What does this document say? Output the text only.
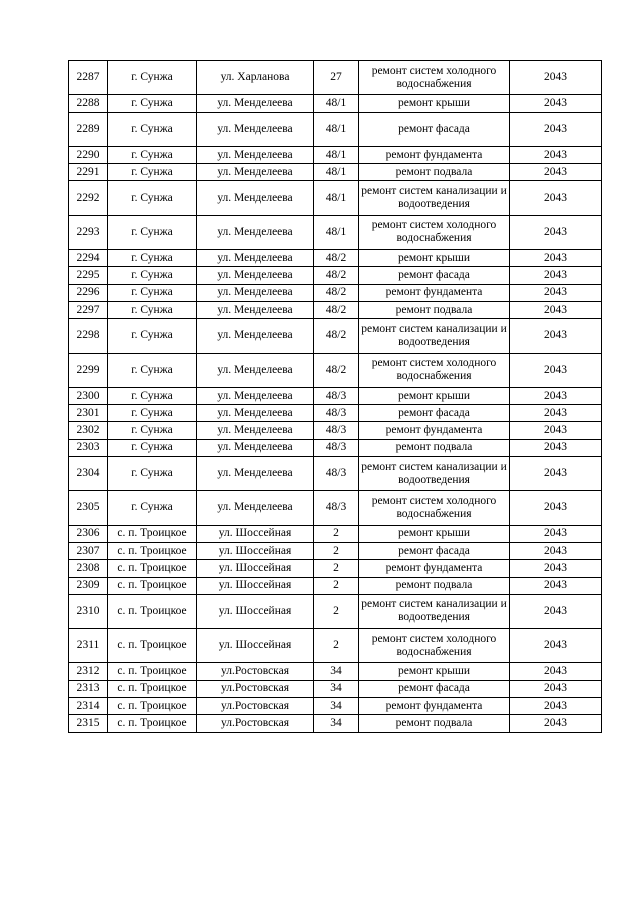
2287	г. Сунжа	ул. Харланова	27	ремонт систем холодного водоснабжения	2043
2288	г. Сунжа	ул. Менделеева	48/1	ремонт крыши	2043
2289	г. Сунжа	ул. Менделеева	48/1	ремонт фасада	2043
2290	г. Сунжа	ул. Менделеева	48/1	ремонт фундамента	2043
2291	г. Сунжа	ул. Менделеева	48/1	ремонт подвала	2043
2292	г. Сунжа	ул. Менделеева	48/1	ремонт систем канализации и водоотведения	2043
2293	г. Сунжа	ул. Менделеева	48/1	ремонт систем холодного водоснабжения	2043
2294	г. Сунжа	ул. Менделеева	48/2	ремонт крыши	2043
2295	г. Сунжа	ул. Менделеева	48/2	ремонт фасада	2043
2296	г. Сунжа	ул. Менделеева	48/2	ремонт фундамента	2043
2297	г. Сунжа	ул. Менделеева	48/2	ремонт подвала	2043
2298	г. Сунжа	ул. Менделеева	48/2	ремонт систем канализации и водоотведения	2043
2299	г. Сунжа	ул. Менделеева	48/2	ремонт систем холодного водоснабжения	2043
2300	г. Сунжа	ул. Менделеева	48/3	ремонт крыши	2043
2301	г. Сунжа	ул. Менделеева	48/3	ремонт фасада	2043
2302	г. Сунжа	ул. Менделеева	48/3	ремонт фундамента	2043
2303	г. Сунжа	ул. Менделеева	48/3	ремонт подвала	2043
2304	г. Сунжа	ул. Менделеева	48/3	ремонт систем канализации и водоотведения	2043
2305	г. Сунжа	ул. Менделеева	48/3	ремонт систем холодного водоснабжения	2043
2306	с. п. Троицкое	ул. Шоссейная	2	ремонт крыши	2043
2307	с. п. Троицкое	ул. Шоссейная	2	ремонт фасада	2043
2308	с. п. Троицкое	ул. Шоссейная	2	ремонт фундамента	2043
2309	с. п. Троицкое	ул. Шоссейная	2	ремонт подвала	2043
2310	с. п. Троицкое	ул. Шоссейная	2	ремонт систем канализации и водоотведения	2043
2311	с. п. Троицкое	ул. Шоссейная	2	ремонт систем холодного водоснабжения	2043
2312	с. п. Троицкое	ул.Ростовская	34	ремонт крыши	2043
2313	с. п. Троицкое	ул.Ростовская	34	ремонт фасада	2043
2314	с. п. Троицкое	ул.Ростовская	34	ремонт фундамента	2043
2315	с. п. Троицкое	ул.Ростовская	34	ремонт подвала	2043
